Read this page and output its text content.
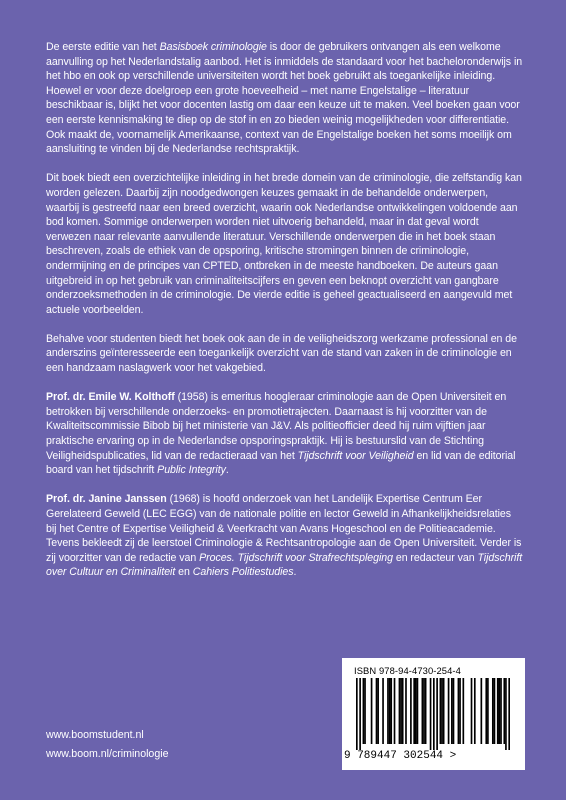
De eerste editie van het Basisboek criminologie is door de gebruikers ontvangen als een welkome aanvulling op het Nederlandstalig aanbod. Het is inmiddels de standaard voor het bacheloronderwijs in het hbo en ook op verschillende universiteiten wordt het boek gebruikt als toegankelijke inleiding. Hoewel er voor deze doelgroep een grote hoeveelheid – met name Engelstalige – literatuur beschikbaar is, blijkt het voor docenten lastig om daar een keuze uit te maken. Veel boeken gaan voor een eerste kennismaking te diep op de stof in en zo bieden weinig mogelijkheden voor differentiatie. Ook maakt de, voornamelijk Amerikaanse, context van de Engelstalige boeken het soms moeilijk om aansluiting te vinden bij de Nederlandse rechtspraktijk.

Dit boek biedt een overzichtelijke inleiding in het brede domein van de criminologie, die zelfstandig kan worden gelezen. Daarbij zijn noodgedwongen keuzes gemaakt in de behandelde onderwerpen, waarbij is gestreefd naar een breed overzicht, waarin ook Nederlandse ontwikkelingen voldoende aan bod komen. Sommige onderwerpen worden niet uitvoerig behandeld, maar in dat geval wordt verwezen naar relevante aanvullende literatuur. Verschillende onderwerpen die in het boek staan beschreven, zoals de ethiek van de opsporing, kritische stromingen binnen de criminologie, ondermijning en de principes van CPTED, ontbreken in de meeste handboeken. De auteurs gaan uitgebreid in op het gebruik van criminaliteitscijfers en geven een beknopt overzicht van gangbare onderzoeksmethoden in de criminologie. De vierde editie is geheel geactualiseerd en aangevuld met actuele voorbeelden.

Behalve voor studenten biedt het boek ook aan de in de veiligheidszorg werkzame professional en de anderszins geïnteresseerde een toegankelijk overzicht van de stand van zaken in de criminologie en een handzaam naslagwerk voor het vakgebied.

Prof. dr. Emile W. Kolthoff (1958) is emeritus hoogleraar criminologie aan de Open Universiteit en betrokken bij verschillende onderzoeks- en promotietrajecten. Daarnaast is hij voorzitter van de Kwaliteitscommissie Bibob bij het ministerie van J&V. Als politieofficier deed hij ruim vijftien jaar praktische ervaring op in de Nederlandse opsporingspraktijk. Hij is bestuurslid van de Stichting Veiligheidspublicaties, lid van de redactieraad van het Tijdschrift voor Veiligheid en lid van de editorial board van het tijdschrift Public Integrity.

Prof. dr. Janine Janssen (1968) is hoofd onderzoek van het Landelijk Expertise Centrum Eer Gerelateerd Geweld (LEC EGG) van de nationale politie en lector Geweld in Afhankelijkheidsrelaties bij het Centre of Expertise Veiligheid & Veerkracht van Avans Hogeschool en de Politieacademie. Tevens bekleedt zij de leerstoel Criminologie & Rechtsantropologie aan de Open Universiteit. Verder is zij voorzitter van de redactie van Proces. Tijdschrift voor Strafrechtspleging en redacteur van Tijdschrift over Cultuur en Criminaliteit en Cahiers Politiestudies.

www.boomstudent.nl
www.boom.nl/criminologie
ISBN 978-94-4730-254-4
9 789447 302544 >
